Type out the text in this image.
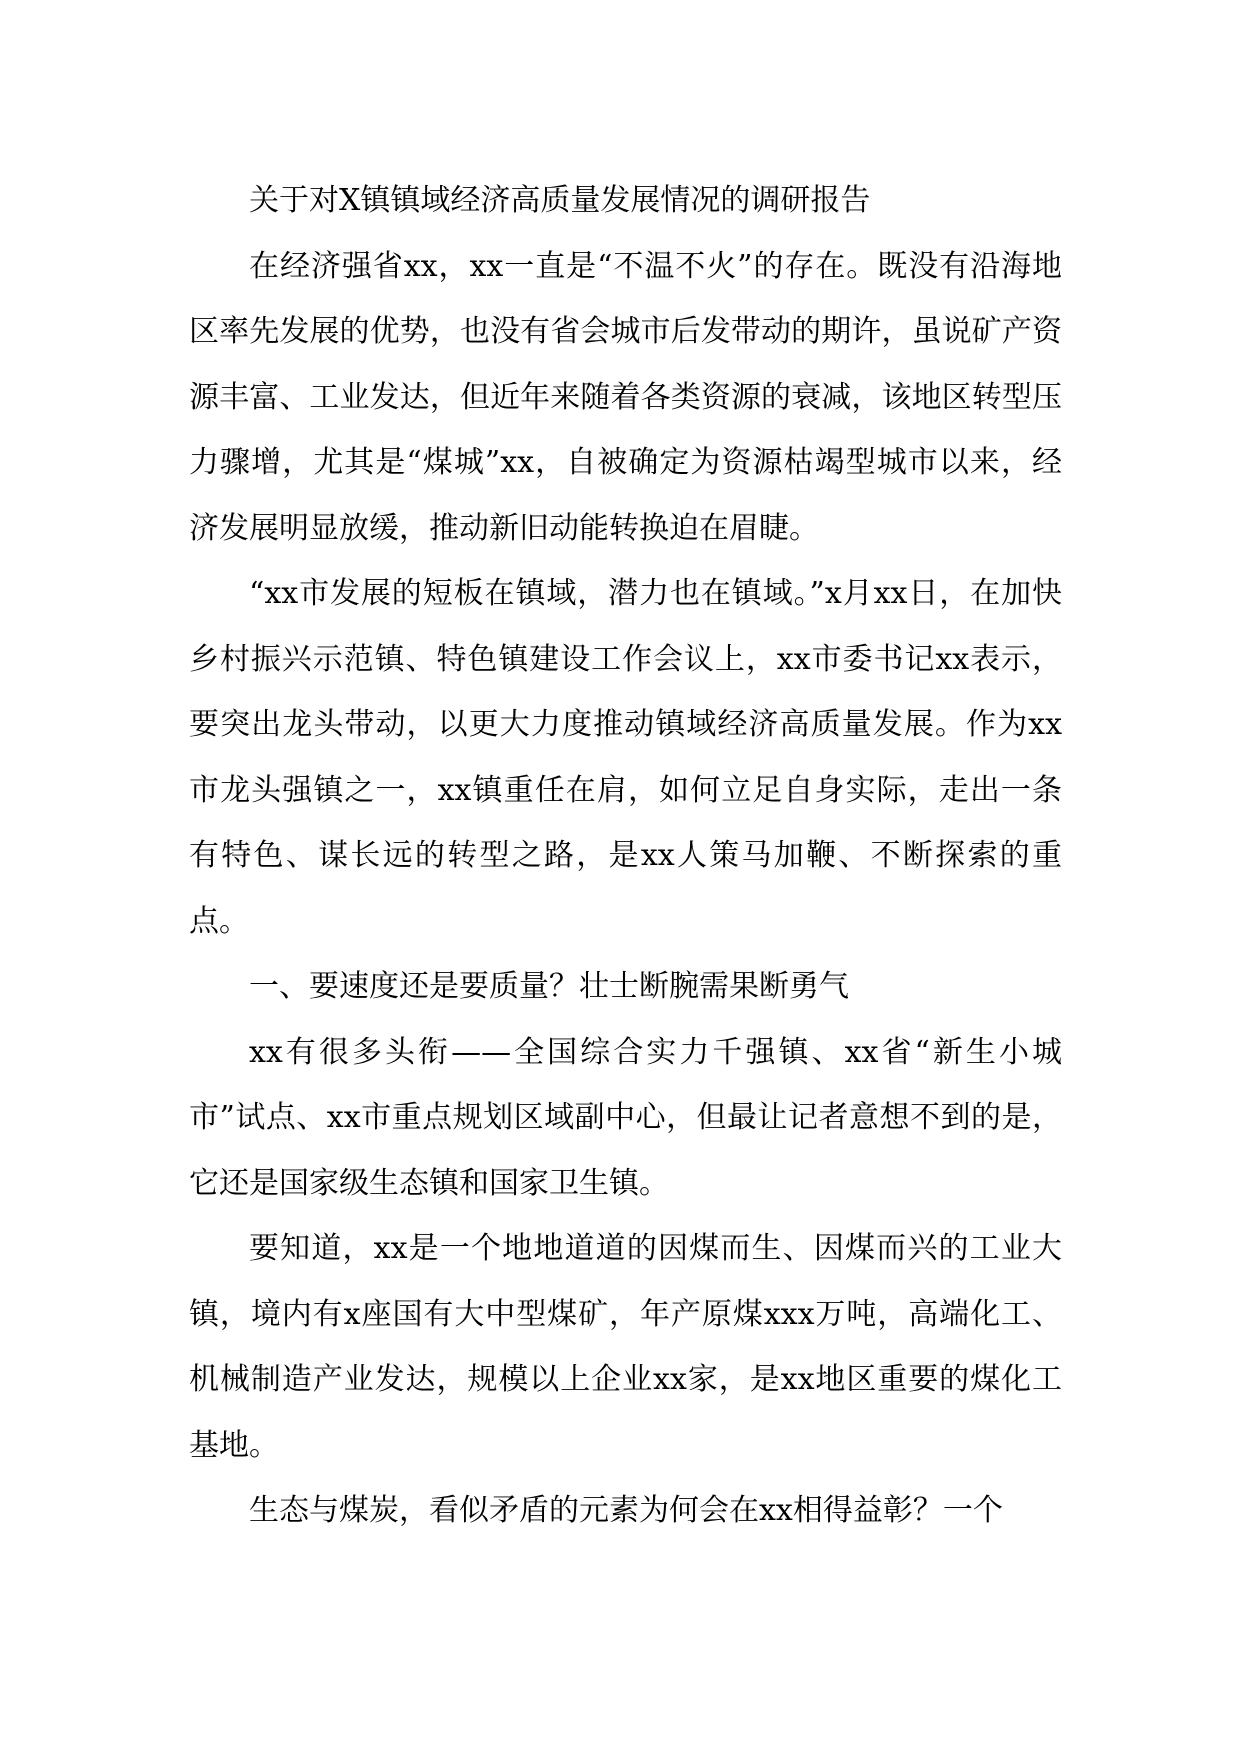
关于对X镇镇域经济高质量发展情况的调研报告

在经济强省xx，xx一直是“不温不火”的存在。既没有沿海地区率先发展的优势，也没有省会城市后发带动的期许，虽说矿产资源丰富、工业发达，但近年来随着各类资源的衰减，该地区转型压力骤增，尤其是“煤城”xx，自被确定为资源枯竭型城市以来，经济发展明显放缓，推动新旧动能转换迫在眉睫。

“xx市发展的短板在镇域，潜力也在镇域。”x月xx日，在加快乡村振兴示范镇、特色镇建设工作会议上，xx市委书记xx表示，要突出龙头带动，以更大力度推动镇域经济高质量发展。作为xx市龙头强镇之一，xx镇重任在肩，如何立足自身实际，走出一条有特色、谋长远的转型之路，是xx人策马加鞭、不断探索的重点。

一、要速度还是要质量？壮士断腕需果断勇气

xx有很多头衔——全国综合实力千强镇、xx省“新生小城市”试点、xx市重点规划区域副中心，但最让记者意想不到的是，它还是国家级生态镇和国家卫生镇。

要知道，xx是一个地地道道的因煤而生、因煤而兴的工业大镇，境内有x座国有大中型煤矿，年产原煤xxx万吨，高端化工、机械制造产业发达，规模以上企业xx家，是xx地区重要的煤化工基地。

生态与煤炭，看似矛盾的元素为何会在xx相得益彰？一个
